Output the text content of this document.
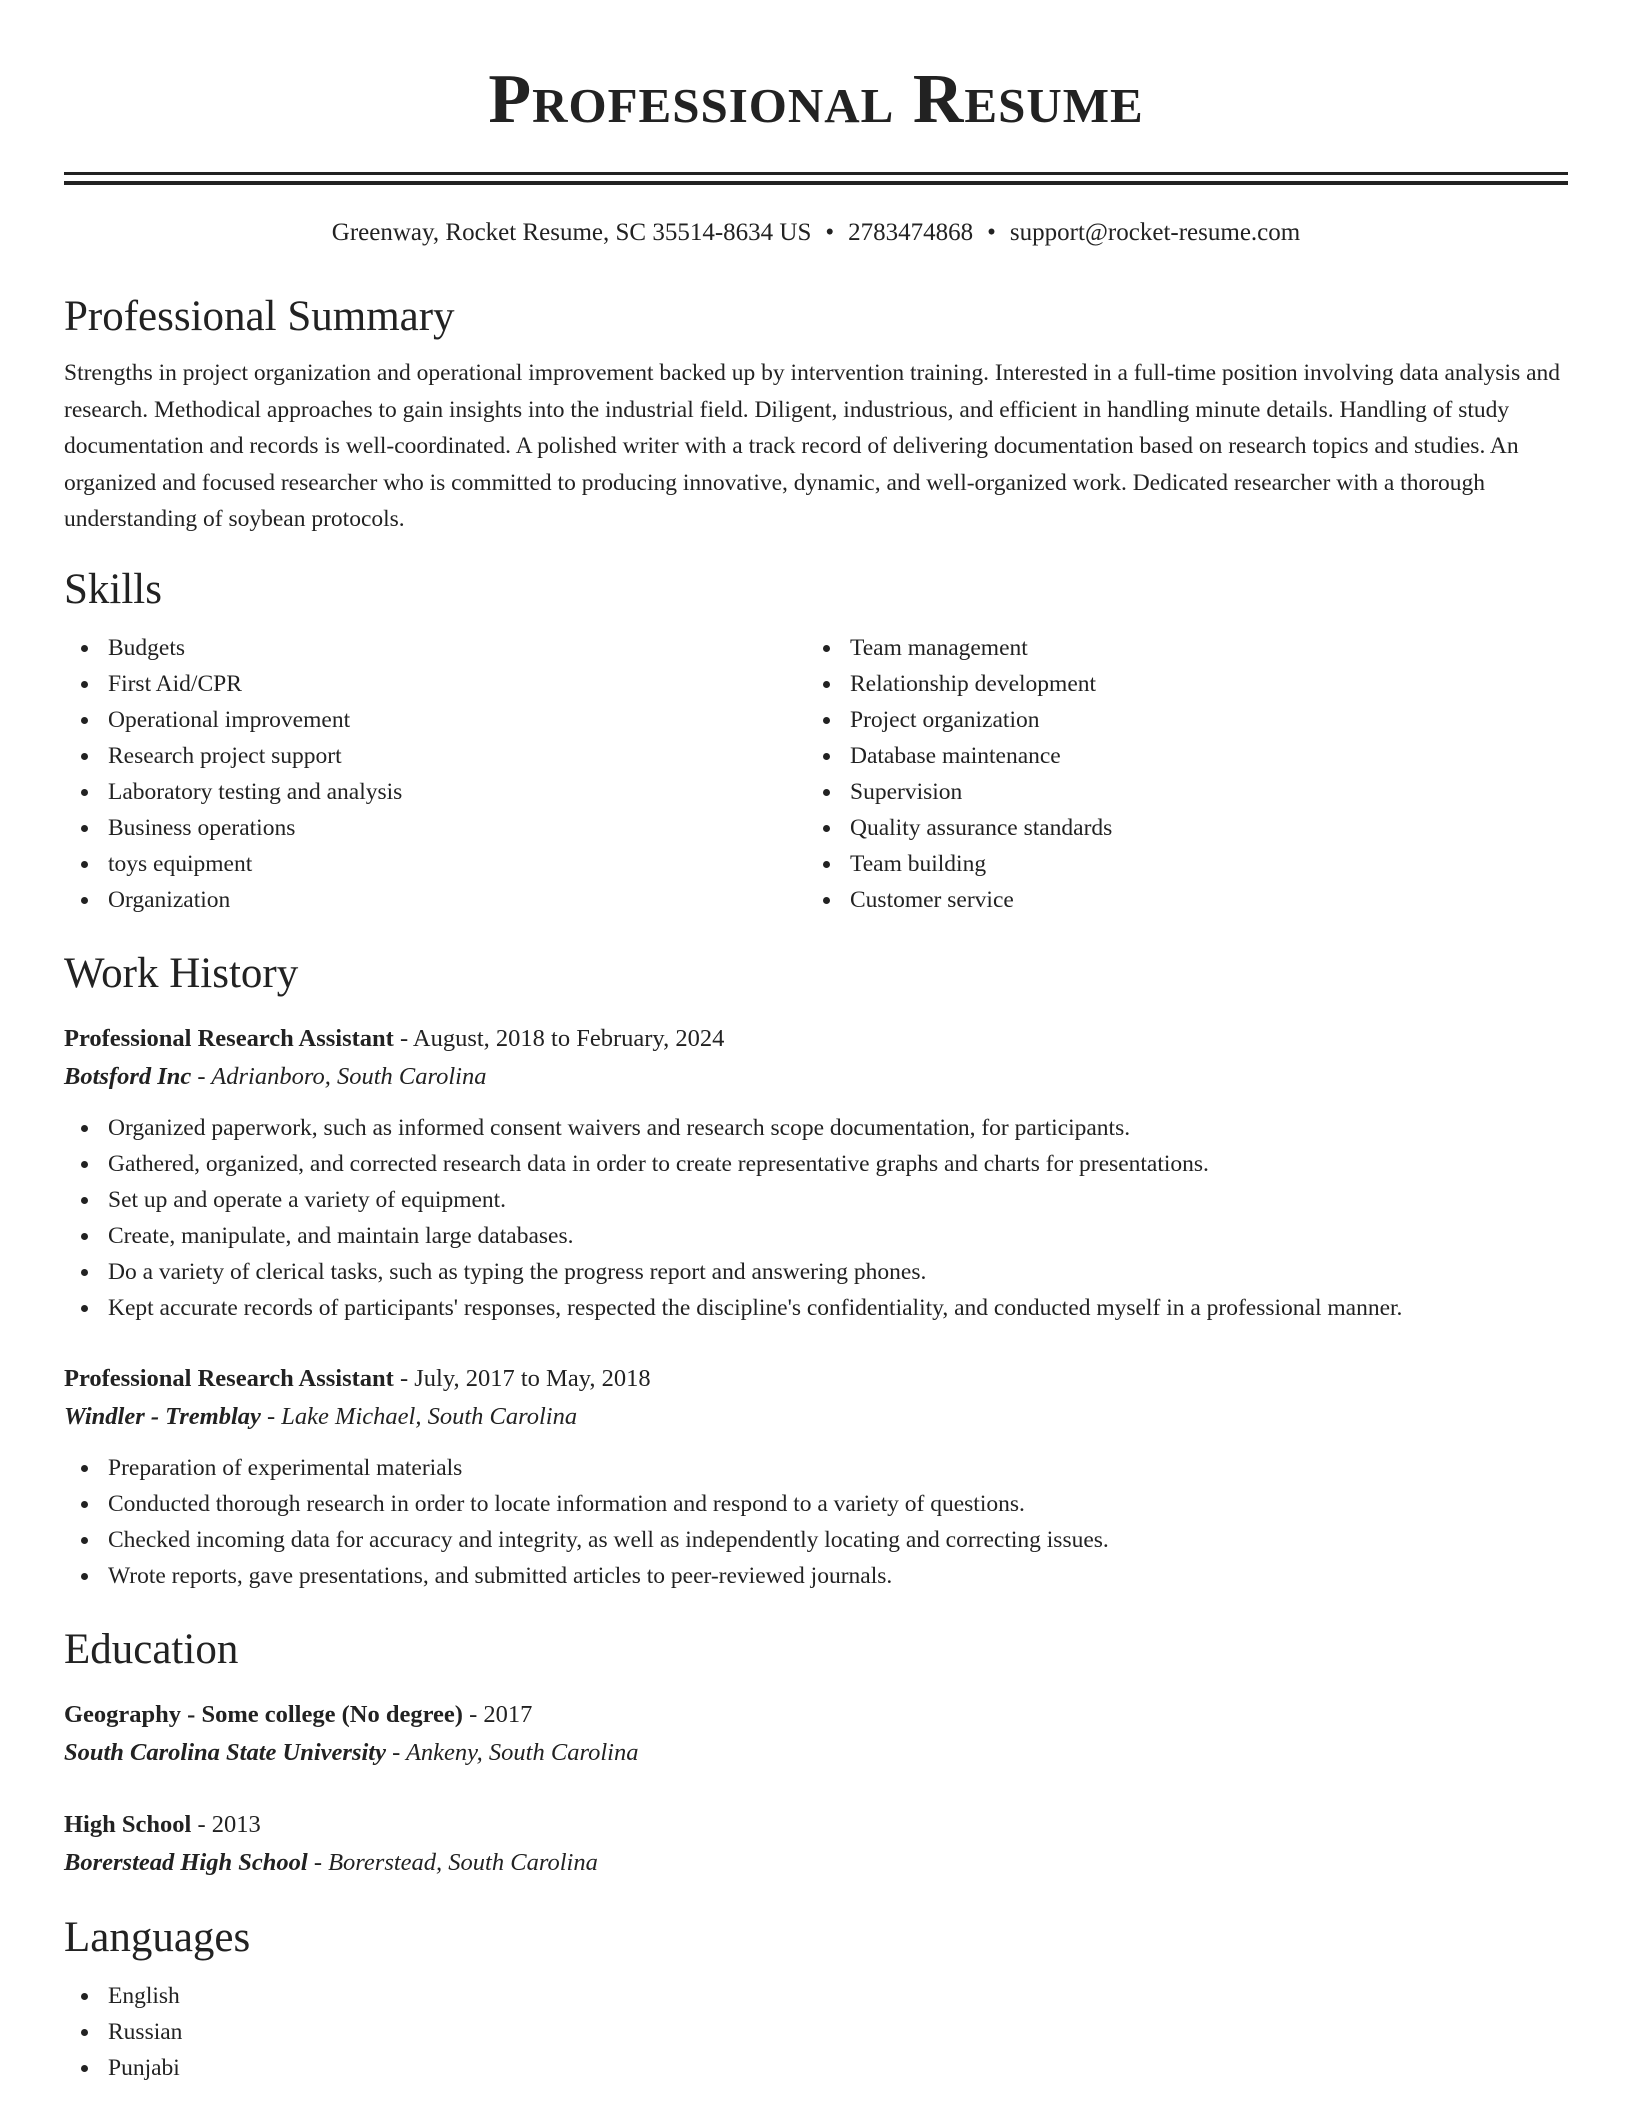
Professional Resume
Greenway, Rocket Resume, SC 35514-8634 US • 2783474868 • support@rocket-resume.com
Professional Summary

Strengths in project organization and operational improvement backed up by intervention training. Interested in a full-time position involving data analysis and research. Methodical approaches to gain insights into the industrial field. Diligent, industrious, and efficient in handling minute details. Handling of study documentation and records is well-coordinated. A polished writer with a track record of delivering documentation based on research topics and studies. An organized and focused researcher who is committed to producing innovative, dynamic, and well-organized work. Dedicated researcher with a thorough understanding of soybean protocols.

Skills
Budgets
First Aid/CPR
Operational improvement
Research project support
Laboratory testing and analysis
Business operations
toys equipment
Organization
Team management
Relationship development
Project organization
Database maintenance
Supervision
Quality assurance standards
Team building
Customer service
Work History
Professional Research Assistant - August, 2018 to February, 2024
Botsford Inc - Adrianboro, South Carolina
Organized paperwork, such as informed consent waivers and research scope documentation, for participants.
Gathered, organized, and corrected research data in order to create representative graphs and charts for presentations.
Set up and operate a variety of equipment.
Create, manipulate, and maintain large databases.
Do a variety of clerical tasks, such as typing the progress report and answering phones.
Kept accurate records of participants' responses, respected the discipline's confidentiality, and conducted myself in a professional manner.
Professional Research Assistant - July, 2017 to May, 2018
Windler - Tremblay - Lake Michael, South Carolina
Preparation of experimental materials
Conducted thorough research in order to locate information and respond to a variety of questions.
Checked incoming data for accuracy and integrity, as well as independently locating and correcting issues.
Wrote reports, gave presentations, and submitted articles to peer-reviewed journals.
Education
Geography - Some college (No degree) - 2017
South Carolina State University - Ankeny, South Carolina
High School - 2013
Borerstead High School - Borerstead, South Carolina
Languages
English
Russian
Punjabi
